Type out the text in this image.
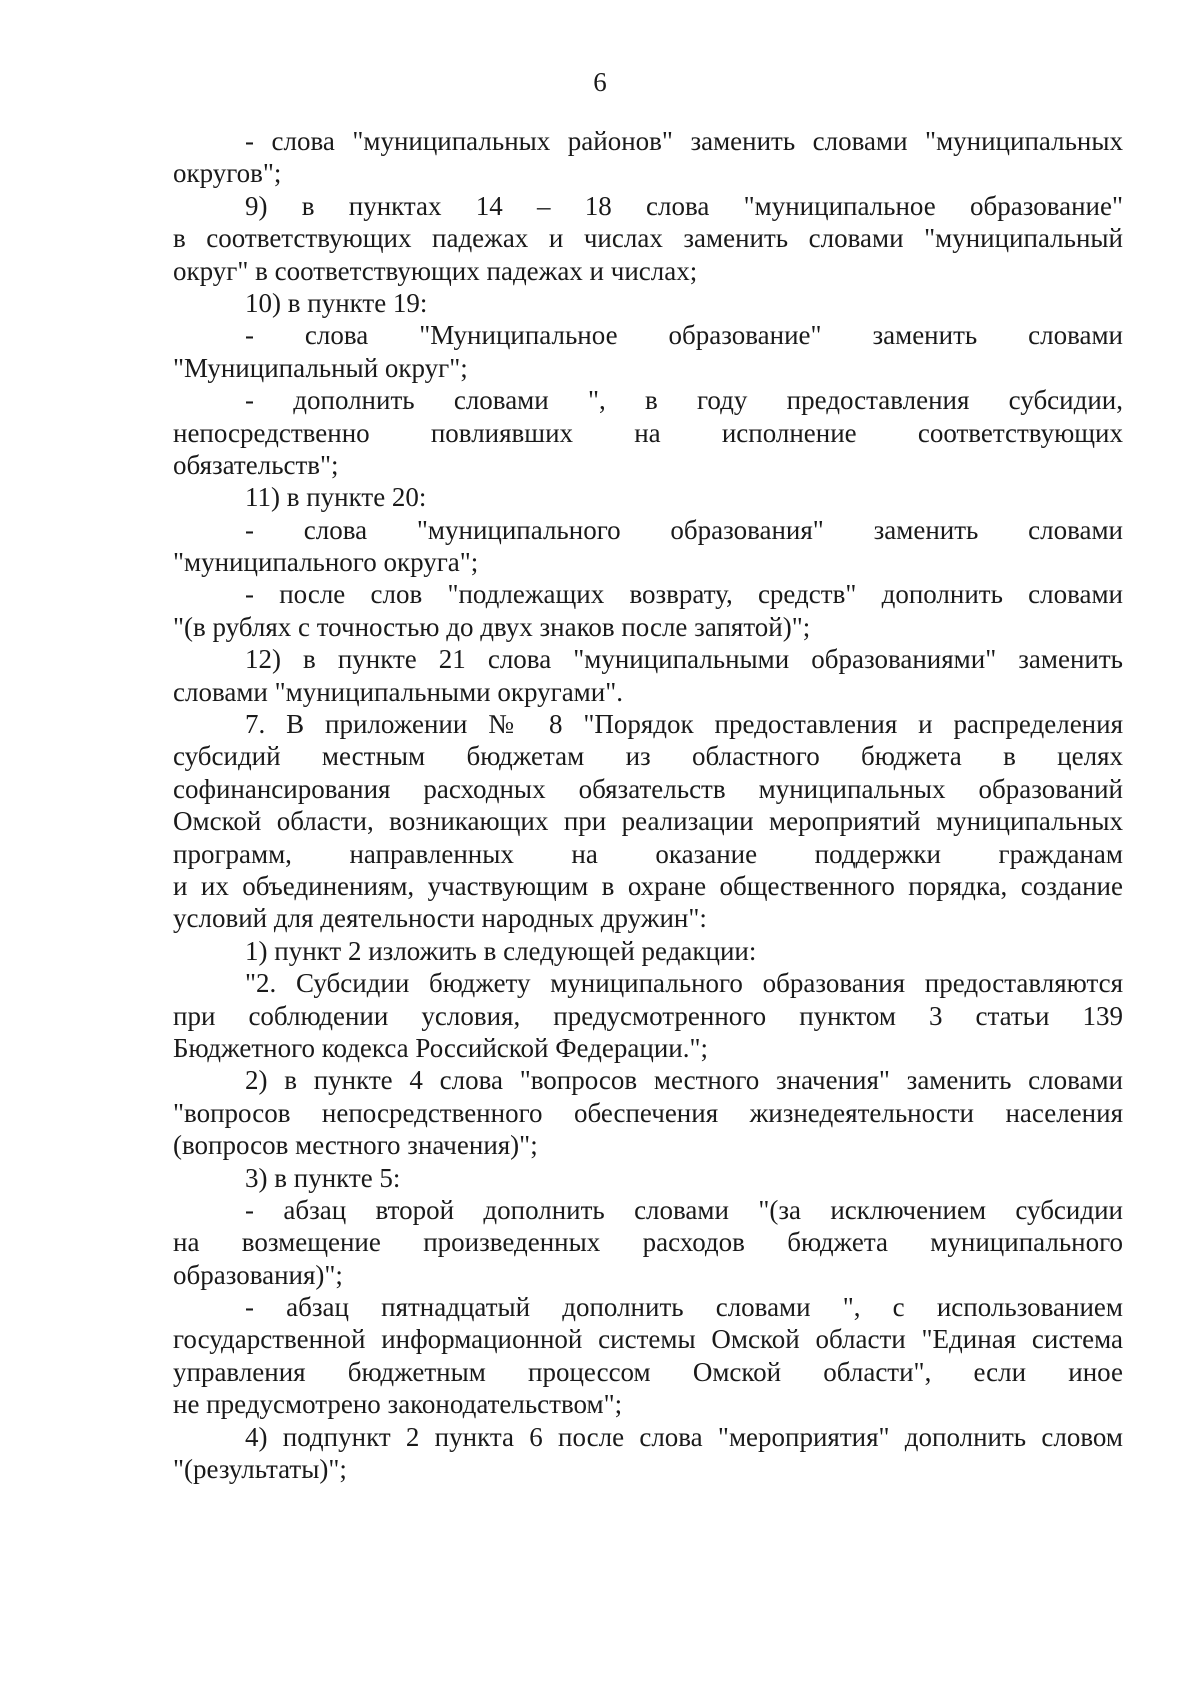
6
- слова "муниципальных районов" заменить словами "муниципальных
округов";
9) в пунктах 14 – 18 слова "муниципальное образование"
в соответствующих падежах и числах заменить словами "муниципальный
округ" в соответствующих падежах и числах;
10) в пункте 19:
- слова "Муниципальное образование" заменить словами
"Муниципальный округ";
- дополнить словами ", в году предоставления субсидии,
непосредственно повлиявших на исполнение соответствующих
обязательств";
11) в пункте 20:
- слова "муниципального образования" заменить словами
"муниципального округа";
- после слов "подлежащих возврату, средств" дополнить словами
"(в рублях с точностью до двух знаков после запятой)";
12) в пункте 21 слова "муниципальными образованиями" заменить
словами "муниципальными округами".
7. В приложении № 8 "Порядок предоставления и распределения
субсидий местным бюджетам из областного бюджета в целях
софинансирования расходных обязательств муниципальных образований
Омской области, возникающих при реализации мероприятий муниципальных
программ, направленных на оказание поддержки гражданам
и их объединениям, участвующим в охране общественного порядка, создание
условий для деятельности народных дружин":
1) пункт 2 изложить в следующей редакции:
"2. Субсидии бюджету муниципального образования предоставляются
при соблюдении условия, предусмотренного пунктом 3 статьи 139
Бюджетного кодекса Российской Федерации.";
2) в пункте 4 слова "вопросов местного значения" заменить словами
"вопросов непосредственного обеспечения жизнедеятельности населения
(вопросов местного значения)";
3) в пункте 5:
- абзац второй дополнить словами "(за исключением субсидии
на возмещение произведенных расходов бюджета муниципального
образования)";
- абзац пятнадцатый дополнить словами ", с использованием
государственной информационной системы Омской области "Единая система
управления бюджетным процессом Омской области", если иное
не предусмотрено законодательством";
4) подпункт 2 пункта 6 после слова "мероприятия" дополнить словом
"(результаты)";
